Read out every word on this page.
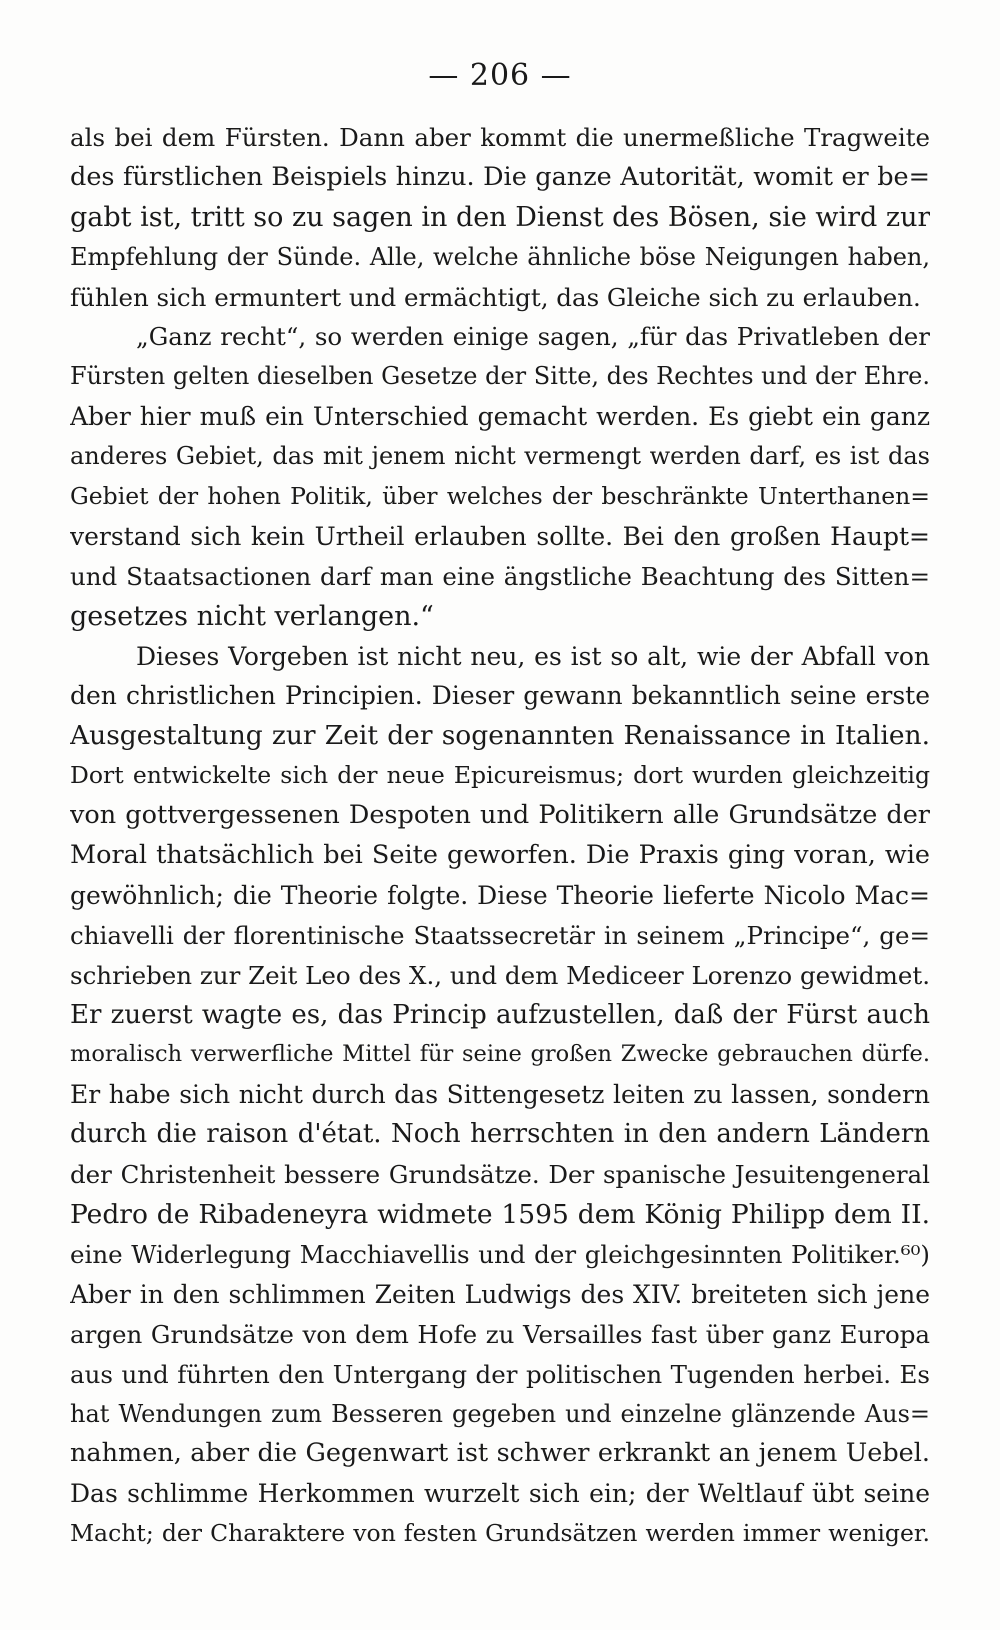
— 206 —
als bei dem Fürsten. Dann aber kommt die unermeßliche Tragweite
des fürstlichen Beispiels hinzu. Die ganze Autorität, womit er be=
gabt ist, tritt so zu sagen in den Dienst des Bösen, sie wird zur
Empfehlung der Sünde. Alle, welche ähnliche böse Neigungen haben,
fühlen sich ermuntert und ermächtigt, das Gleiche sich zu erlauben.
„Ganz recht“, so werden einige sagen, „für das Privatleben der
Fürsten gelten dieselben Gesetze der Sitte, des Rechtes und der Ehre.
Aber hier muß ein Unterschied gemacht werden. Es giebt ein ganz
anderes Gebiet, das mit jenem nicht vermengt werden darf, es ist das
Gebiet der hohen Politik, über welches der beschränkte Unterthanen=
verstand sich kein Urtheil erlauben sollte. Bei den großen Haupt=
und Staatsactionen darf man eine ängstliche Beachtung des Sitten=
gesetzes nicht verlangen.“
Dieses Vorgeben ist nicht neu, es ist so alt, wie der Abfall von
den christlichen Principien. Dieser gewann bekanntlich seine erste
Ausgestaltung zur Zeit der sogenannten Renaissance in Italien.
Dort entwickelte sich der neue Epicureismus; dort wurden gleichzeitig
von gottvergessenen Despoten und Politikern alle Grundsätze der
Moral thatsächlich bei Seite geworfen. Die Praxis ging voran, wie
gewöhnlich; die Theorie folgte. Diese Theorie lieferte Nicolo Mac=
chiavelli der florentinische Staatssecretär in seinem „Principe“, ge=
schrieben zur Zeit Leo des X., und dem Mediceer Lorenzo gewidmet.
Er zuerst wagte es, das Princip aufzustellen, daß der Fürst auch
moralisch verwerfliche Mittel für seine großen Zwecke gebrauchen dürfe.
Er habe sich nicht durch das Sittengesetz leiten zu lassen, sondern
durch die raison d'état. Noch herrschten in den andern Ländern
der Christenheit bessere Grundsätze. Der spanische Jesuitengeneral
Pedro de Ribadeneyra widmete 1595 dem König Philipp dem II.
eine Widerlegung Macchiavellis und der gleichgesinnten Politiker.⁶⁰)
Aber in den schlimmen Zeiten Ludwigs des XIV. breiteten sich jene
argen Grundsätze von dem Hofe zu Versailles fast über ganz Europa
aus und führten den Untergang der politischen Tugenden herbei. Es
hat Wendungen zum Besseren gegeben und einzelne glänzende Aus=
nahmen, aber die Gegenwart ist schwer erkrankt an jenem Uebel.
Das schlimme Herkommen wurzelt sich ein; der Weltlauf übt seine
Macht; der Charaktere von festen Grundsätzen werden immer weniger.
